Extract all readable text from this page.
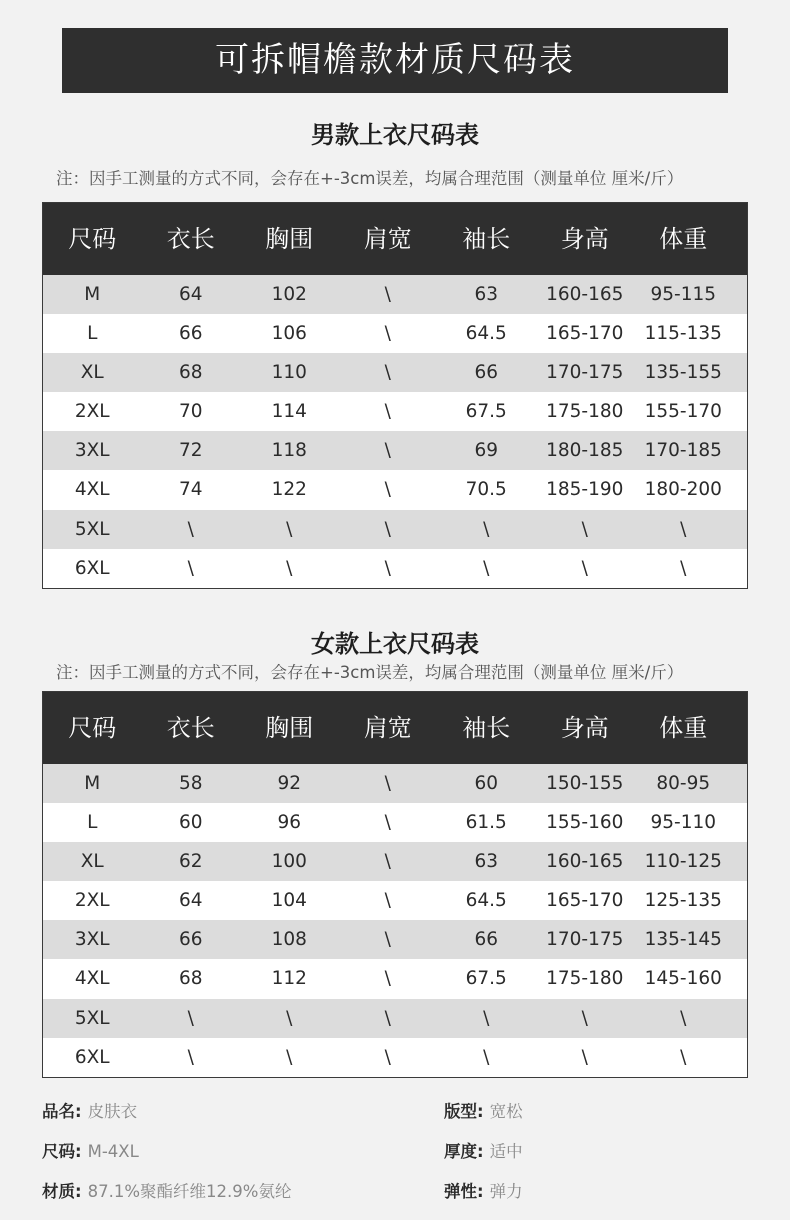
可拆帽檐款材质尺码表
男款上衣尺码表
注：因手工测量的方式不同，会存在+-3cm误差，均属合理范围（测量单位 厘米/斤）
尺码	衣长	胸围	肩宽	袖长	身高	体重
M	64	102	\	63	160-165	95-115
L	66	106	\	64.5	165-170	115-135
XL	68	110	\	66	170-175	135-155
2XL	70	114	\	67.5	175-180	155-170
3XL	72	118	\	69	180-185	170-185
4XL	74	122	\	70.5	185-190	180-200
5XL	\	\	\	\	\	\
6XL	\	\	\	\	\	\
女款上衣尺码表
注：因手工测量的方式不同，会存在+-3cm误差，均属合理范围（测量单位 厘米/斤）
尺码	衣长	胸围	肩宽	袖长	身高	体重
M	58	92	\	60	150-155	80-95
L	60	96	\	61.5	155-160	95-110
XL	62	100	\	63	160-165	110-125
2XL	64	104	\	64.5	165-170	125-135
3XL	66	108	\	66	170-175	135-145
4XL	68	112	\	67.5	175-180	145-160
5XL	\	\	\	\	\	\
6XL	\	\	\	\	\	\
品名: 皮肤衣
尺码: M-4XL
材质: 87.1%聚酯纤维12.9%氨纶
版型: 宽松
厚度: 适中
弹性: 弹力
